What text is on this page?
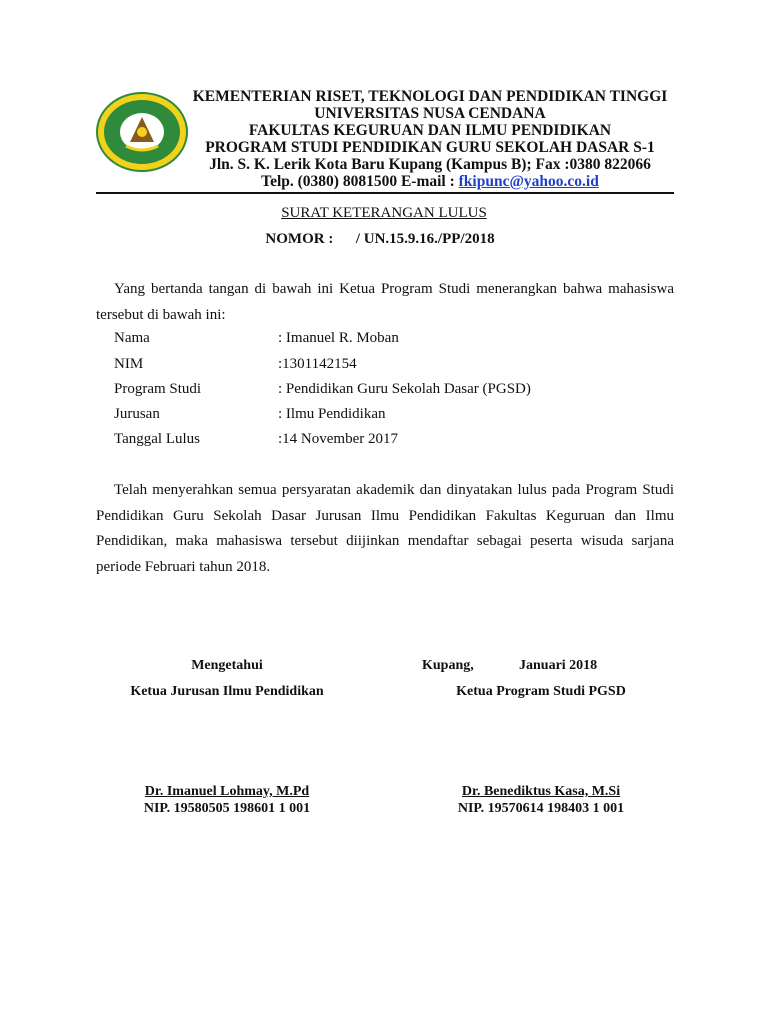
KEMENTERIAN RISET, TEKNOLOGI DAN PENDIDIKAN TINGGI
UNIVERSITAS NUSA CENDANA
FAKULTAS KEGURUAN DAN ILMU PENDIDIKAN
PROGRAM STUDI PENDIDIKAN GURU SEKOLAH DASAR S-1
Jln. S. K. Lerik Kota Baru Kupang (Kampus B); Fax :0380 822066
Telp. (0380) 8081500 E-mail : fkipunc@yahoo.co.id
SURAT KETERANGAN LULUS
NOMOR :      / UN.15.9.16./PP/2018
Yang bertanda tangan di bawah ini Ketua Program Studi menerangkan bahwa mahasiswa tersebut di bawah ini:
Nama	: Imanuel R. Moban
NIM	:1301142154
Program Studi	: Pendidikan Guru Sekolah Dasar (PGSD)
Jurusan	: Ilmu Pendidikan
Tanggal Lulus	:14 November 2017
Telah menyerahkan semua persyaratan akademik dan dinyatakan lulus pada Program Studi Pendidikan Guru Sekolah Dasar Jurusan Ilmu Pendidikan Fakultas Keguruan dan Ilmu Pendidikan, maka mahasiswa tersebut diijinkan mendaftar sebagai peserta wisuda sarjana periode Februari tahun 2018.
Mengetahui
Ketua Jurusan Ilmu Pendidikan
Dr. Imanuel Lohmay, M.Pd
NIP. 19580505 198601 1 001
Kupang,	Januari 2018
Ketua Program Studi PGSD
Dr. Benediktus Kasa, M.Si
NIP. 19570614 198403 1 001
